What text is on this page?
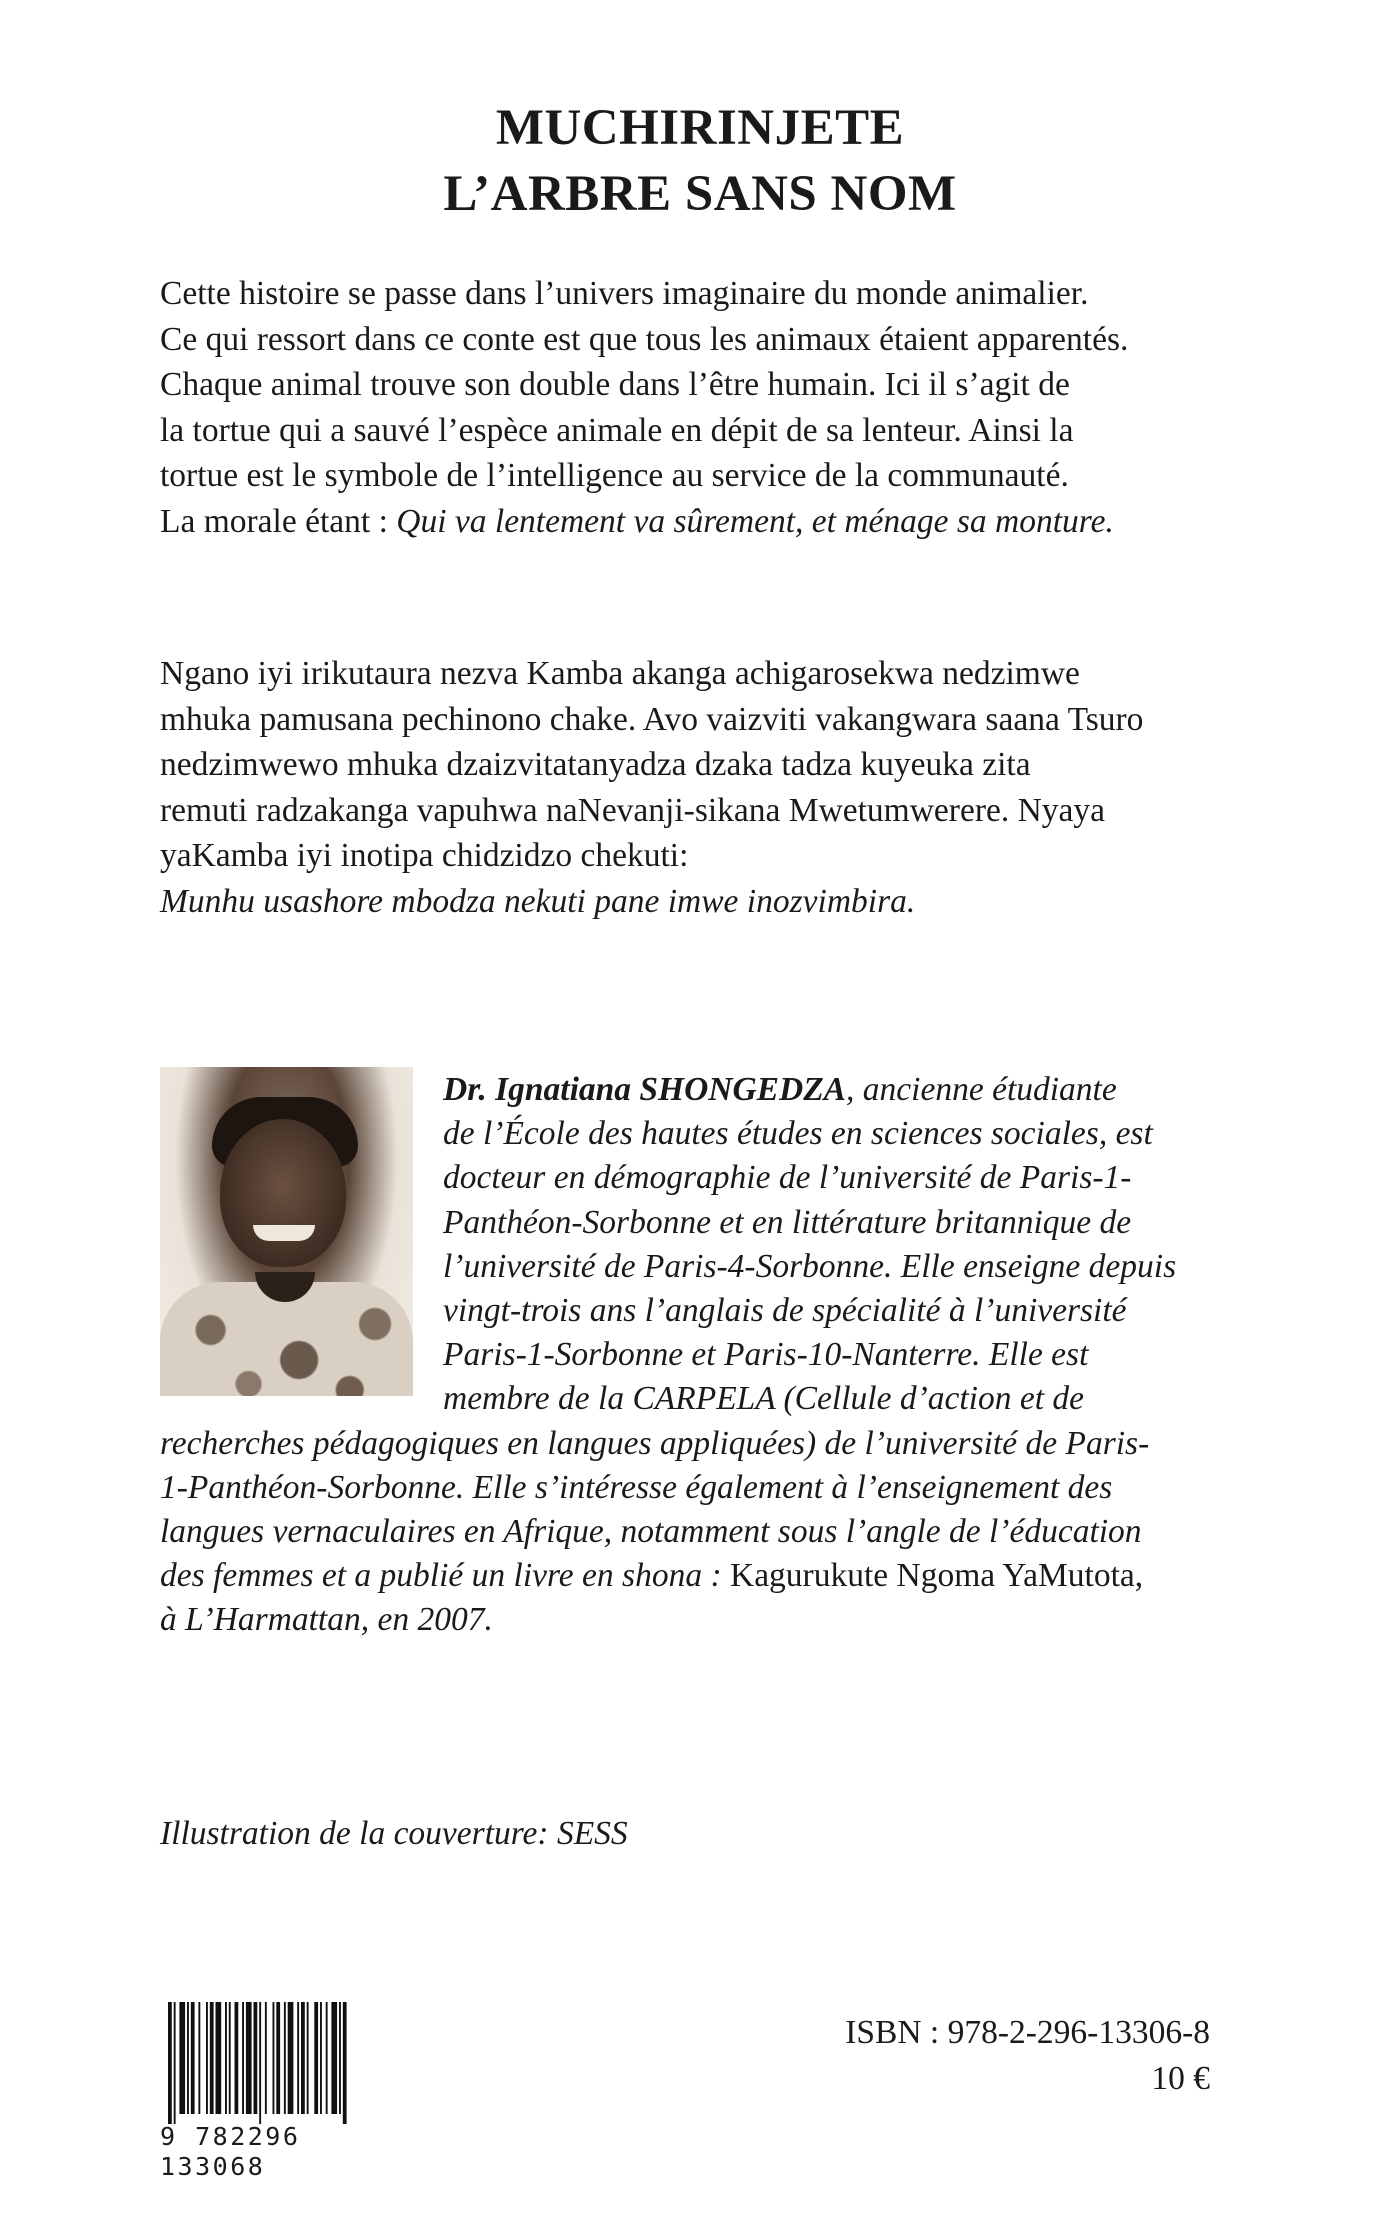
MUCHIRINJETE
L’ARBRE SANS NOM
Cette histoire se passe dans l’univers imaginaire du monde animalier.
Ce qui ressort dans ce conte est que tous les animaux étaient apparentés.
Chaque animal trouve son double dans l’être humain. Ici il s’agit de
la tortue qui a sauvé l’espèce animale en dépit de sa lenteur. Ainsi la
tortue est le symbole de l’intelligence au service de la communauté.
La morale étant : Qui va lentement va sûrement, et ménage sa monture.
Ngano iyi irikutaura nezva Kamba akanga achigarosekwa nedzimwe
mhuka pamusana pechinono chake. Avo vaizviti vakangwara saana Tsuro
nedzimwewo mhuka dzaizvitatanyadza dzaka tadza kuyeuka zita
remuti radzakanga vapuhwa naNevanji-sikana Mwetumwerere. Nyaya
yaKamba iyi inotipa chidzidzo chekuti:
Munhu usashore mbodza nekuti pane imwe inozvimbira.
Dr. Ignatiana SHONGEDZA, ancienne étudiante
de l’École des hautes études en sciences sociales, est
docteur en démographie de l’université de Paris-1-
Panthéon-Sorbonne et en littérature britannique de
l’université de Paris-4-Sorbonne. Elle enseigne depuis
vingt-trois ans l’anglais de spécialité à l’université
Paris-1-Sorbonne et Paris-10-Nanterre. Elle est
membre de la CARPELA (Cellule d’action et de
recherches pédagogiques en langues appliquées) de l’université de Paris-
1-Panthéon-Sorbonne. Elle s’intéresse également à l’enseignement des
langues vernaculaires en Afrique, notamment sous l’angle de l’éducation
des femmes et a publié un livre en shona : Kagurukute Ngoma YaMutota,
à L’Harmattan, en 2007.
Illustration de la couverture: SESS
9 782296 133068
ISBN : 978-2-296-13306-8
10 €
